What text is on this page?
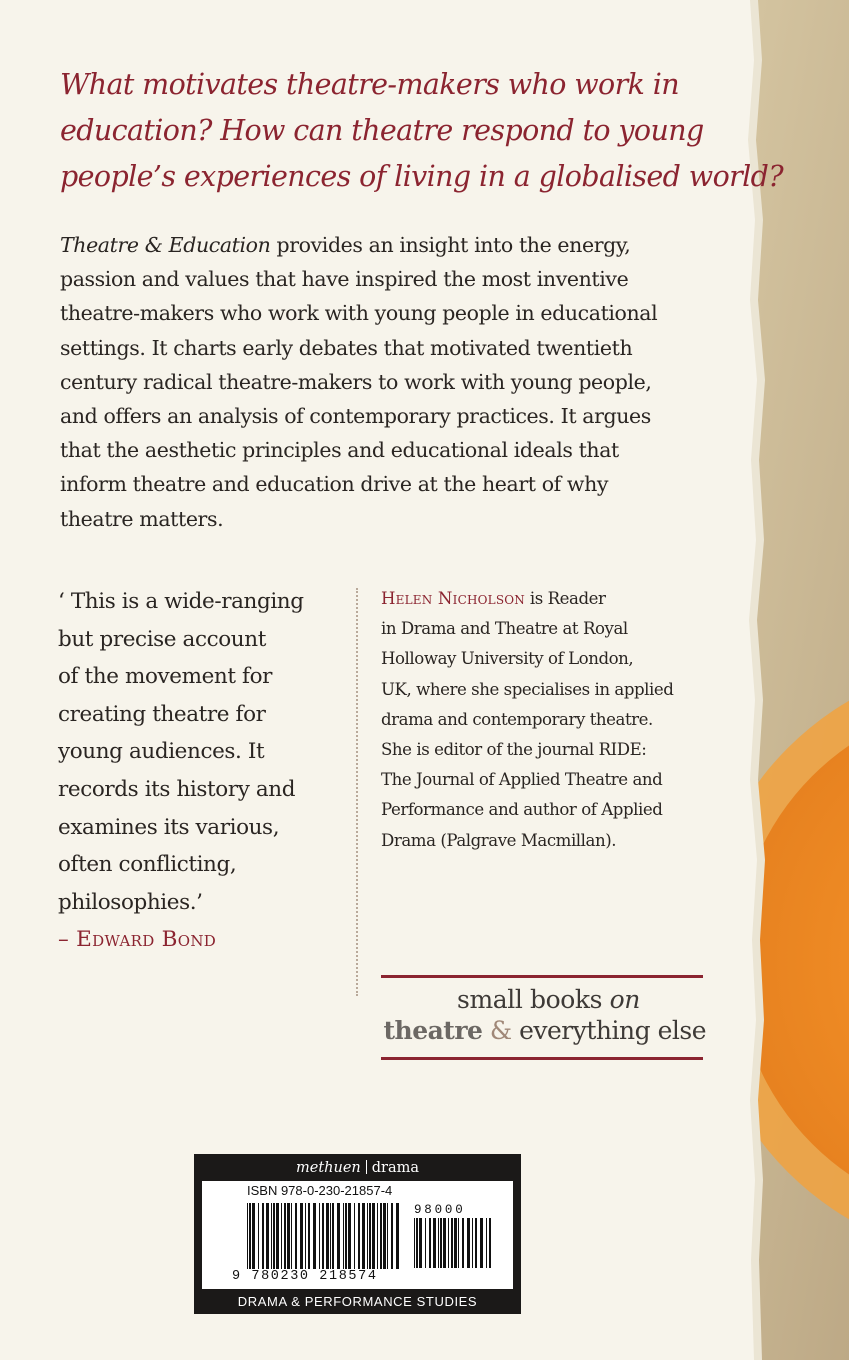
What motivates theatre-makers who work in
education? How can theatre respond to young
people’s experiences of living in a globalised world?
Theatre & Education provides an insight into the energy,
passion and values that have inspired the most inventive
theatre-makers who work with young people in educational
settings. It charts early debates that motivated twentieth
century radical theatre-makers to work with young people,
and offers an analysis of contemporary practices. It argues
that the aesthetic principles and educational ideals that
inform theatre and education drive at the heart of why
theatre matters.
‘ This is a wide-ranging
but precise account
of the movement for
creating theatre for
young audiences. It
records its history and
examines its various,
often conflicting,
philosophies.’
– Edward Bond
Helen Nicholson is Reader
in Drama and Theatre at Royal
Holloway University of London,
UK, where she specialises in applied
drama and contemporary theatre.
She is editor of the journal RIDE:
The Journal of Applied Theatre and
Performance and author of Applied
Drama (Palgrave Macmillan).
small books on
theatre & everything else
methuen drama
ISBN 978-0-230-21857-4
98000
9 780230 218574
DRAMA & PERFORMANCE STUDIES
